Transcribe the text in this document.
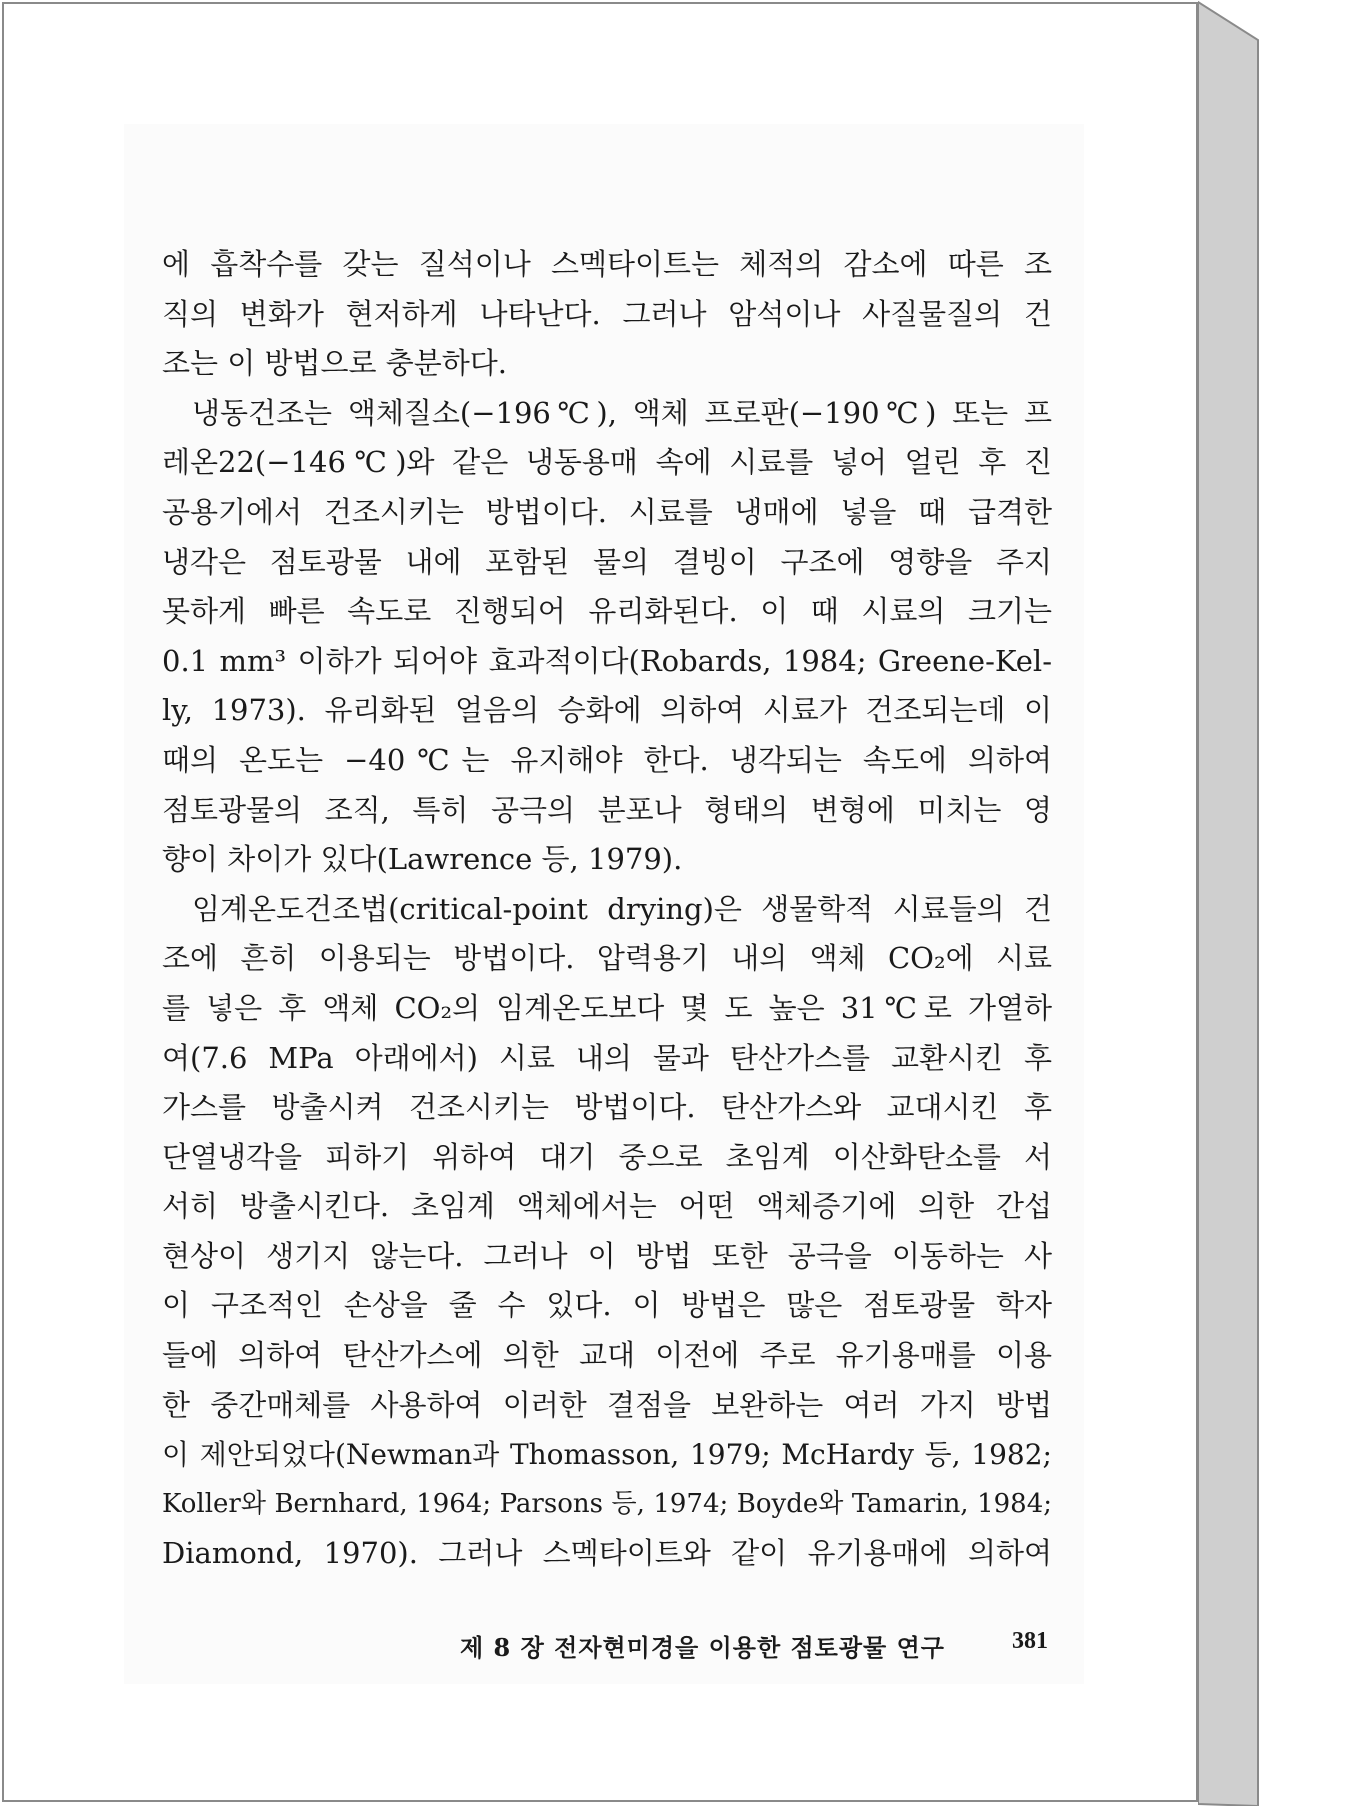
에 흡착수를 갖는 질석이나 스멕타이트는 체적의 감소에 따른 조
직의 변화가 현저하게 나타난다. 그러나 암석이나 사질물질의 건
조는 이 방법으로 충분하다.
냉동건조는 액체질소(−196℃), 액체 프로판(−190℃) 또는 프
레온22(−146℃)와 같은 냉동용매 속에 시료를 넣어 얼린 후 진
공용기에서 건조시키는 방법이다. 시료를 냉매에 넣을 때 급격한
냉각은 점토광물 내에 포함된 물의 결빙이 구조에 영향을 주지
못하게 빠른 속도로 진행되어 유리화된다. 이 때 시료의 크기는
0.1 mm³ 이하가 되어야 효과적이다(Robards, 1984; Greene-Kel-
ly, 1973). 유리화된 얼음의 승화에 의하여 시료가 건조되는데 이
때의 온도는 −40℃는 유지해야 한다. 냉각되는 속도에 의하여
점토광물의 조직, 특히 공극의 분포나 형태의 변형에 미치는 영
향이 차이가 있다(Lawrence 등, 1979).
임계온도건조법(critical-point drying)은 생물학적 시료들의 건
조에 흔히 이용되는 방법이다. 압력용기 내의 액체 CO₂에 시료
를 넣은 후 액체 CO₂의 임계온도보다 몇 도 높은 31℃로 가열하
여(7.6 MPa 아래에서) 시료 내의 물과 탄산가스를 교환시킨 후
가스를 방출시켜 건조시키는 방법이다. 탄산가스와 교대시킨 후
단열냉각을 피하기 위하여 대기 중으로 초임계 이산화탄소를 서
서히 방출시킨다. 초임계 액체에서는 어떤 액체증기에 의한 간섭
현상이 생기지 않는다. 그러나 이 방법 또한 공극을 이동하는 사
이 구조적인 손상을 줄 수 있다. 이 방법은 많은 점토광물 학자
들에 의하여 탄산가스에 의한 교대 이전에 주로 유기용매를 이용
한 중간매체를 사용하여 이러한 결점을 보완하는 여러 가지 방법
이 제안되었다(Newman과 Thomasson, 1979; McHardy 등, 1982;
Koller와 Bernhard, 1964; Parsons 등, 1974; Boyde와 Tamarin, 1984;
Diamond, 1970). 그러나 스멕타이트와 같이 유기용매에 의하여
제 8 장 전자현미경을 이용한 점토광물 연구	381
